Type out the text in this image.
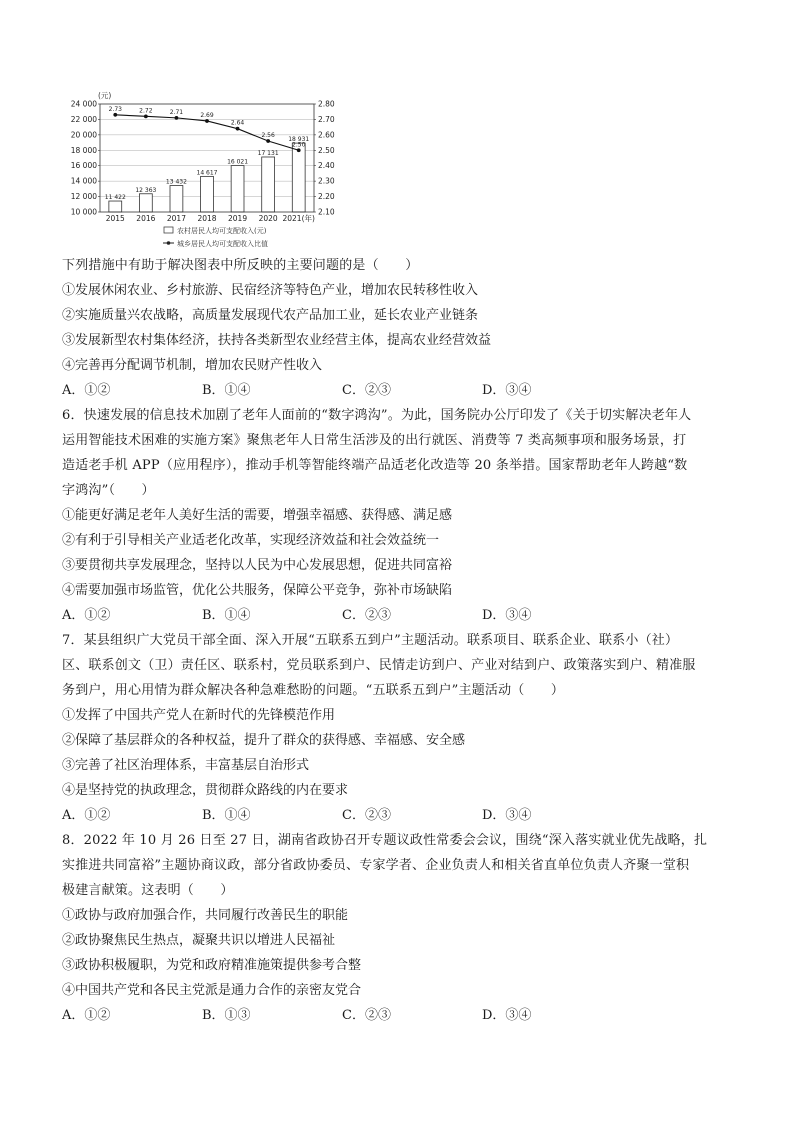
(元)
11 422
12 363
13 432
14 617
16 021
17 131
18 931
2.73	2.72	2.71	2.69
2.64
2.56
2.50
10 000
12 000
14 000
16 000
18 000
20 000
22 000
24 000
2.10
2.20
2.30
2.40
2.50
2.60
2.70
2.80
2015 2016 2017 2018 2019 2020 2021(年)
农村居民人均可支配收入(元)
城乡居民人均可支配收入比值
下列措施中有助于解决图表中所反映的主要问题的是（　　）
①发展休闲农业、乡村旅游、民宿经济等特色产业，增加农民转移性收入
②实施质量兴农战略，高质量发展现代农产品加工业，延长农业产业链条
③发展新型农村集体经济，扶持各类新型农业经营主体，提高农业经营效益
④完善再分配调节机制，增加农民财产性收入
A．①②	B．①④	C．②③	D．③④
6．快速发展的信息技术加剧了老年人面前的“数字鸿沟”。为此，国务院办公厅印发了《关于切实解决老年人
运用智能技术困难的实施方案》聚焦老年人日常生活涉及的出行就医、消费等 7 类高频事项和服务场景，打
造适老手机 APP（应用程序），推动手机等智能终端产品适老化改造等 20 条举措。国家帮助老年人跨越“数
字鸿沟”（　　）
①能更好满足老年人美好生活的需要，增强幸福感、获得感、满足感
②有利于引导相关产业适老化改革，实现经济效益和社会效益统一
③要贯彻共享发展理念，坚持以人民为中心发展思想，促进共同富裕
④需要加强市场监管，优化公共服务，保障公平竞争，弥补市场缺陷
A．①②	B．①④	C．②③	D．③④
7．某县组织广大党员干部全面、深入开展“五联系五到户”主题活动。联系项目、联系企业、联系小（社）
区、联系创文（卫）责任区、联系村，党员联系到户、民情走访到户、产业对结到户、政策落实到户、精准服
务到户，用心用情为群众解决各种急难愁盼的问题。“五联系五到户”主题活动（　　）
①发挥了中国共产党人在新时代的先锋模范作用
②保障了基层群众的各种权益，提升了群众的获得感、幸福感、安全感
③完善了社区治理体系，丰富基层自治形式
④是坚持党的执政理念，贯彻群众路线的内在要求
A．①②	B．①④	C．②③	D．③④
8．2022 年 10 月 26 日至 27 日，湖南省政协召开专题议政性常委会会议，围绕“深入落实就业优先战略，扎
实推进共同富裕”主题协商议政，部分省政协委员、专家学者、企业负责人和相关省直单位负责人齐聚一堂积
极建言献策。这表明（　　）
①政协与政府加强合作，共同履行改善民生的职能
②政协聚焦民生热点，凝聚共识以增进人民福祉
③政协积极履职，为党和政府精准施策提供参考合整
④中国共产党和各民主党派是通力合作的亲密友党合
A．①②	B．①③	C．②③	D．③④
